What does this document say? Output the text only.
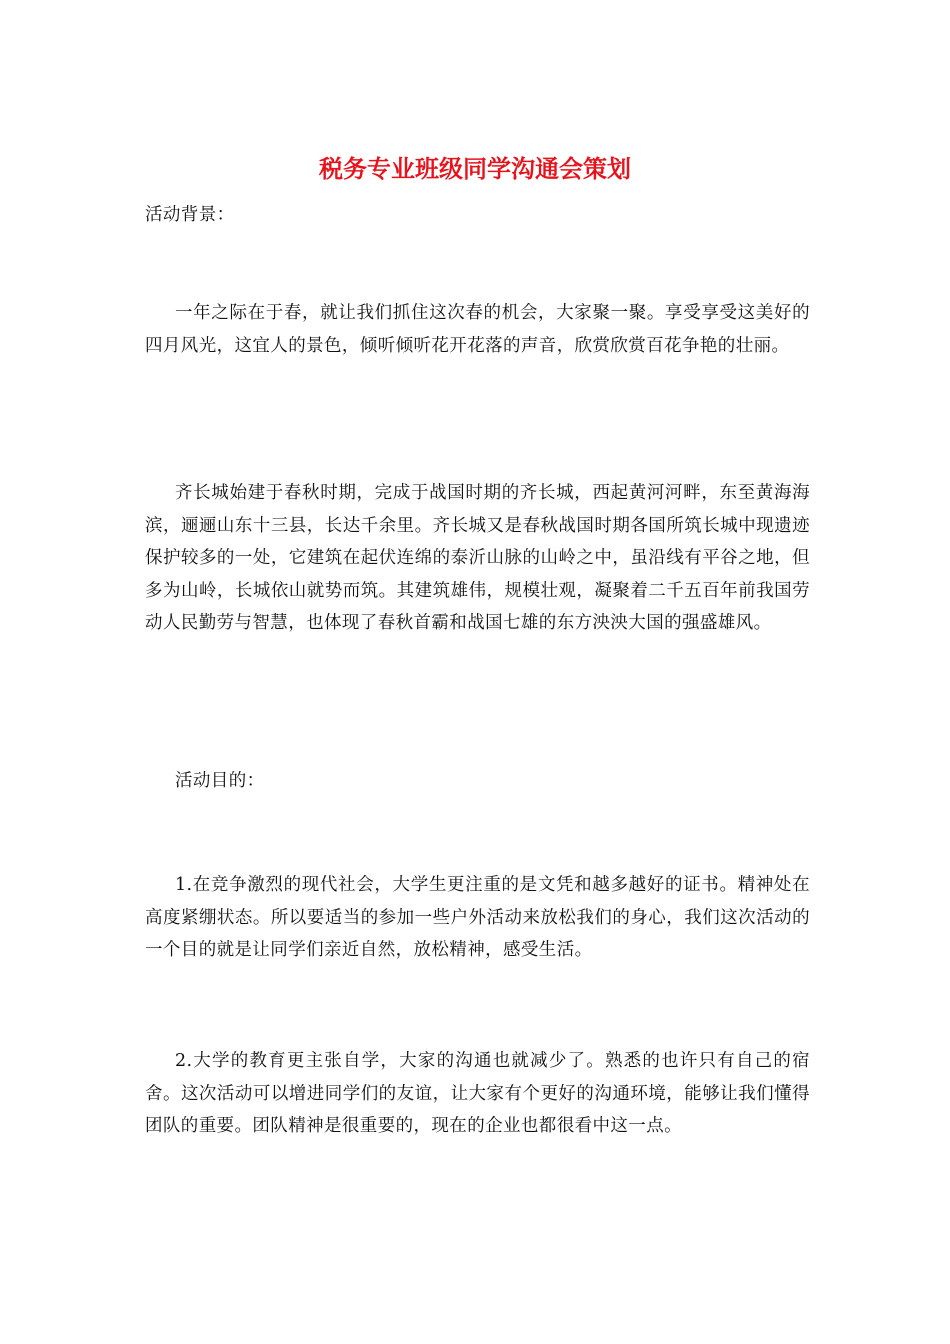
税务专业班级同学沟通会策划

活动背景：

一年之际在于春，就让我们抓住这次春的机会，大家聚一聚。享受享受这美好的四月风光，这宜人的景色，倾听倾听花开花落的声音，欣赏欣赏百花争艳的壮丽。

齐长城始建于春秋时期，完成于战国时期的齐长城，西起黄河河畔，东至黄海海滨，逦逦山东十三县，长达千余里。齐长城又是春秋战国时期各国所筑长城中现遗迹保护较多的一处，它建筑在起伏连绵的泰沂山脉的山岭之中，虽沿线有平谷之地，但多为山岭，长城依山就势而筑。其建筑雄伟，规模壮观，凝聚着二千五百年前我国劳动人民勤劳与智慧，也体现了春秋首霸和战国七雄的东方泱泱大国的强盛雄风。

活动目的：

1.在竞争激烈的现代社会，大学生更注重的是文凭和越多越好的证书。精神处在高度紧绷状态。所以要适当的参加一些户外活动来放松我们的身心，我们这次活动的一个目的就是让同学们亲近自然，放松精神，感受生活。

2.大学的教育更主张自学，大家的沟通也就减少了。熟悉的也许只有自己的宿舍。这次活动可以增进同学们的友谊，让大家有个更好的沟通环境，能够让我们懂得团队的重要。团队精神是很重要的，现在的企业也都很看中这一点。
